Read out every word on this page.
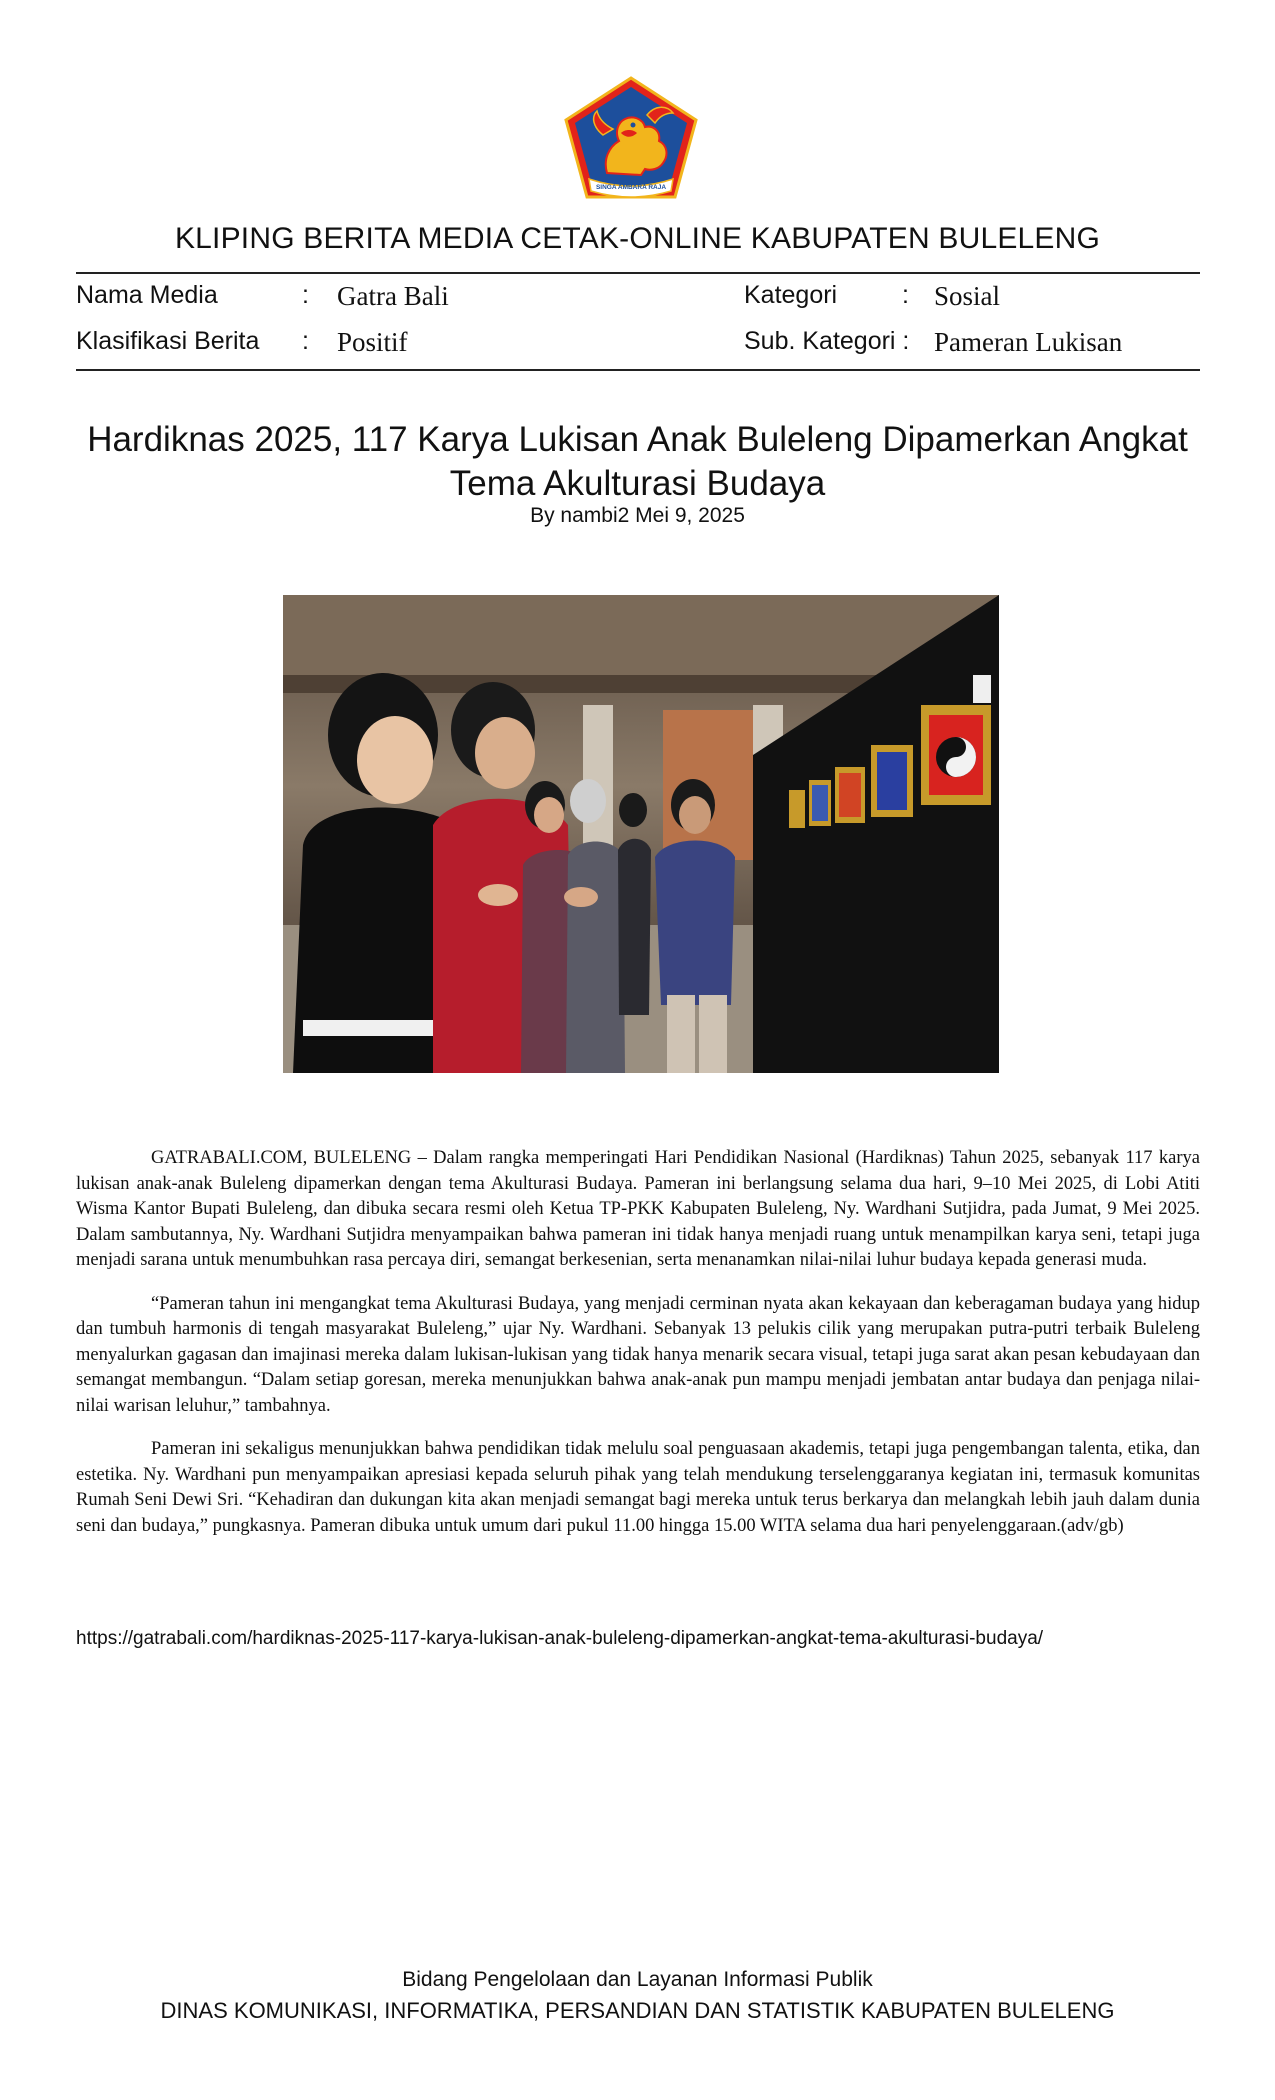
SINGA AMBARA RAJA
KLIPING BERITA MEDIA CETAK-ONLINE KABUPATEN BULELENG
Nama Media	: Gatra Bali	Kategori	: Sosial
Klasifikasi Berita : Positif	Sub. Kategori : Pameran Lukisan
Hardiknas 2025, 117 Karya Lukisan Anak Buleleng Dipamerkan Angkat Tema Akulturasi Budaya
By nambi2 Mei 9, 2025

GATRABALI.COM, BULELENG – Dalam rangka memperingati Hari Pendidikan Nasional (Hardiknas) Tahun 2025, sebanyak 117 karya lukisan anak-anak Buleleng dipamerkan dengan tema Akulturasi Budaya. Pameran ini berlangsung selama dua hari, 9–10 Mei 2025, di Lobi Atiti Wisma Kantor Bupati Buleleng, dan dibuka secara resmi oleh Ketua TP-PKK Kabupaten Buleleng, Ny. Wardhani Sutjidra, pada Jumat, 9 Mei 2025. Dalam sambutannya, Ny. Wardhani Sutjidra menyampaikan bahwa pameran ini tidak hanya menjadi ruang untuk menampilkan karya seni, tetapi juga menjadi sarana untuk menumbuhkan rasa percaya diri, semangat berkesenian, serta menanamkan nilai-nilai luhur budaya kepada generasi muda.

“Pameran tahun ini mengangkat tema Akulturasi Budaya, yang menjadi cerminan nyata akan kekayaan dan keberagaman budaya yang hidup dan tumbuh harmonis di tengah masyarakat Buleleng,” ujar Ny. Wardhani. Sebanyak 13 pelukis cilik yang merupakan putra-putri terbaik Buleleng menyalurkan gagasan dan imajinasi mereka dalam lukisan-lukisan yang tidak hanya menarik secara visual, tetapi juga sarat akan pesan kebudayaan dan semangat membangun. “Dalam setiap goresan, mereka menunjukkan bahwa anak-anak pun mampu menjadi jembatan antar budaya dan penjaga nilai-nilai warisan leluhur,” tambahnya.

Pameran ini sekaligus menunjukkan bahwa pendidikan tidak melulu soal penguasaan akademis, tetapi juga pengembangan talenta, etika, dan estetika. Ny. Wardhani pun menyampaikan apresiasi kepada seluruh pihak yang telah mendukung terselenggaranya kegiatan ini, termasuk komunitas Rumah Seni Dewi Sri. “Kehadiran dan dukungan kita akan menjadi semangat bagi mereka untuk terus berkarya dan melangkah lebih jauh dalam dunia seni dan budaya,” pungkasnya. Pameran dibuka untuk umum dari pukul 11.00 hingga 15.00 WITA selama dua hari penyelenggaraan.(adv/gb)

https://gatrabali.com/hardiknas-2025-117-karya-lukisan-anak-buleleng-dipamerkan-angkat-tema-akulturasi-budaya/
Bidang Pengelolaan dan Layanan Informasi Publik
DINAS KOMUNIKASI, INFORMATIKA, PERSANDIAN DAN STATISTIK KABUPATEN BULELENG
